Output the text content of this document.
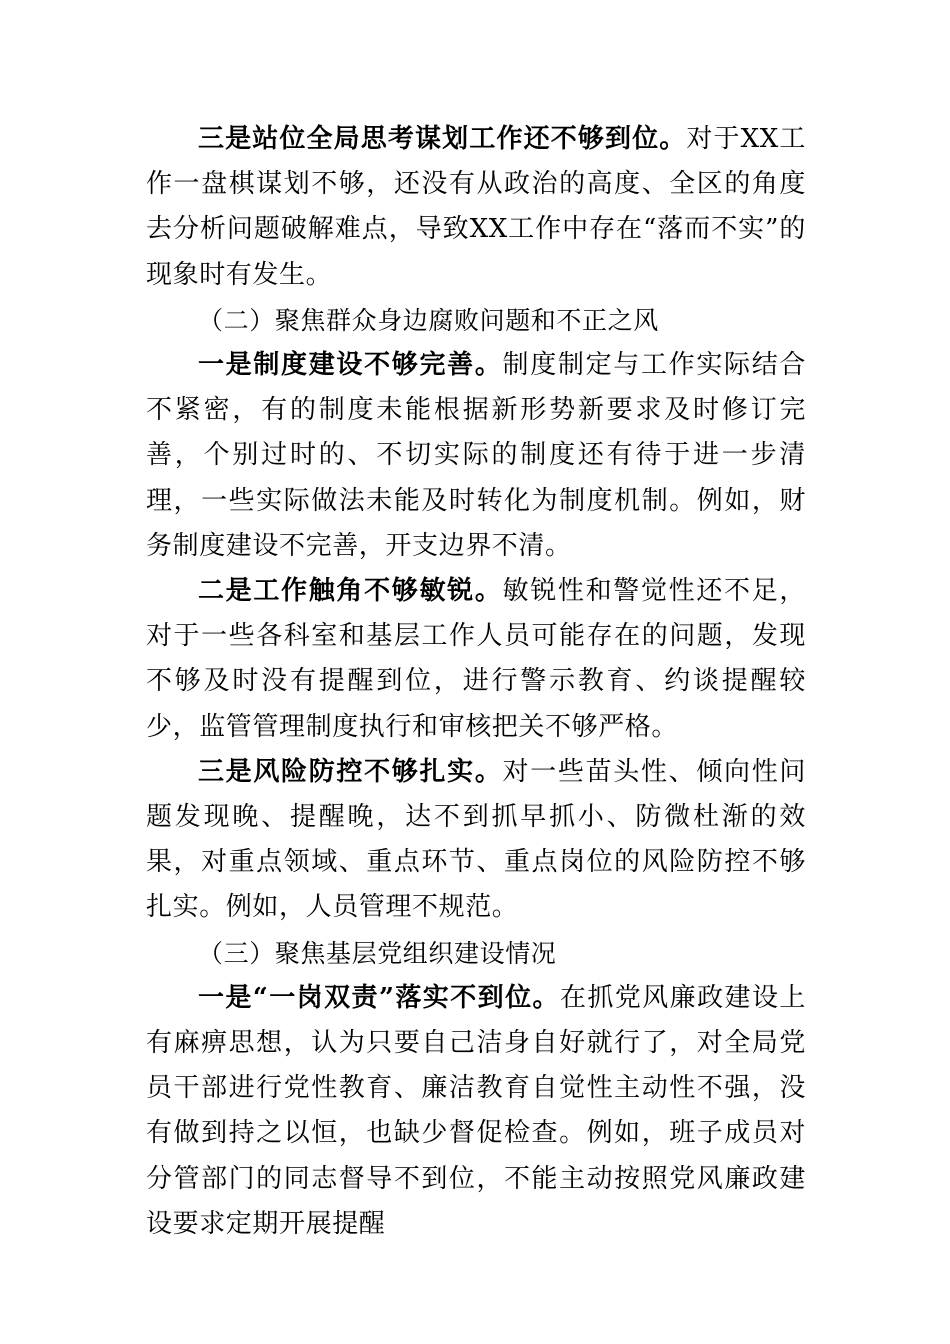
三是站位全局思考谋划工作还不够到位。对于XX工作一盘棋谋划不够，还没有从政治的高度、全区的角度去分析问题破解难点，导致XX工作中存在“落而不实”的现象时有发生。

（二）聚焦群众身边腐败问题和不正之风

一是制度建设不够完善。制度制定与工作实际结合不紧密，有的制度未能根据新形势新要求及时修订完善，个别过时的、不切实际的制度还有待于进一步清理，一些实际做法未能及时转化为制度机制。例如，财务制度建设不完善，开支边界不清。

二是工作触角不够敏锐。敏锐性和警觉性还不足，对于一些各科室和基层工作人员可能存在的问题，发现不够及时没有提醒到位，进行警示教育、约谈提醒较少，监管管理制度执行和审核把关不够严格。

三是风险防控不够扎实。对一些苗头性、倾向性问题发现晚、提醒晚，达不到抓早抓小、防微杜渐的效果，对重点领域、重点环节、重点岗位的风险防控不够扎实。例如，人员管理不规范。

（三）聚焦基层党组织建设情况

一是“一岗双责”落实不到位。在抓党风廉政建设上有麻痹思想，认为只要自己洁身自好就行了，对全局党员干部进行党性教育、廉洁教育自觉性主动性不强，没有做到持之以恒，也缺少督促检查。例如，班子成员对分管部门的同志督导不到位，不能主动按照党风廉政建设要求定期开展提醒
